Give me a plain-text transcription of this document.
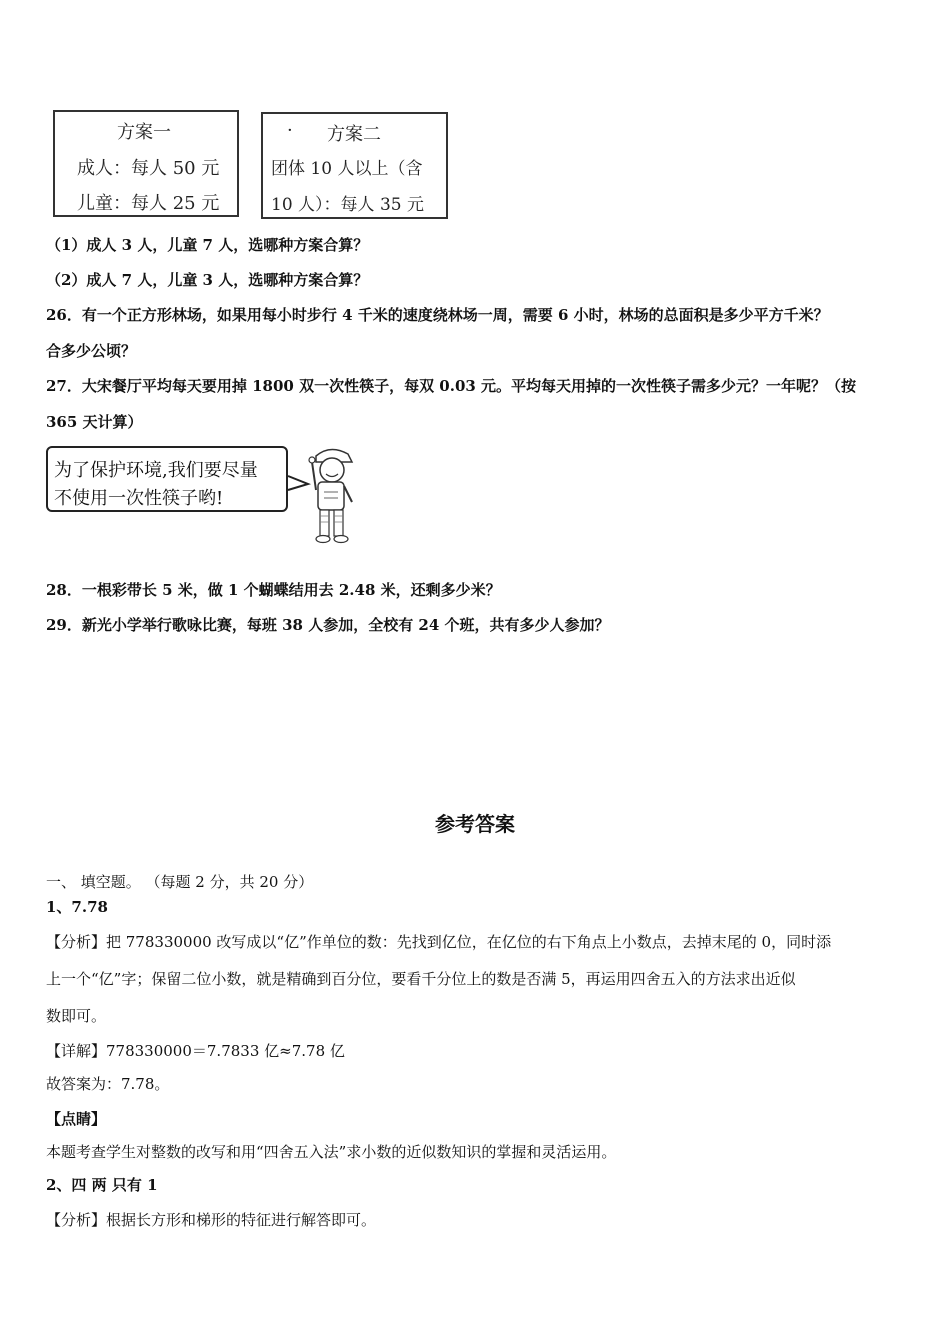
方案一
成人：每人 50 元
儿童：每人 25 元
· 方案二
团体 10 人以上（含
10 人）：每人 35 元
（1）成人 3 人，儿童 7 人，选哪种方案合算？
（2）成人 7 人，儿童 3 人，选哪种方案合算？
26．有一个正方形林场，如果用每小时步行 4 千米的速度绕林场一周，需要 6 小时，林场的总面积是多少平方千米？
合多少公顷？
27．大宋餐厅平均每天要用掉 1800 双一次性筷子，每双 0.03 元。平均每天用掉的一次性筷子需多少元？一年呢？（按
365 天计算）
为了保护环境,我们要尽量
不使用一次性筷子哟!
28．一根彩带长 5 米，做 1 个蝴蝶结用去 2.48 米，还剩多少米？
29．新光小学举行歌咏比赛，每班 38 人参加，全校有 24 个班，共有多少人参加？
参考答案
一、 填空题。 （每题 2 分，共 20 分）
1、7.78
【分析】把 778330000 改写成以“亿”作单位的数：先找到亿位，在亿位的右下角点上小数点，去掉末尾的 0，同时添
上一个“亿”字；保留二位小数，就是精确到百分位，要看千分位上的数是否满 5，再运用四舍五入的方法求出近似
数即可。
【详解】778330000＝7.7833 亿≈7.78 亿
故答案为：7.78。
【点睛】
本题考查学生对整数的改写和用“四舍五入法”求小数的近似数知识的掌握和灵活运用。
2、四 两 只有 1
【分析】根据长方形和梯形的特征进行解答即可。
